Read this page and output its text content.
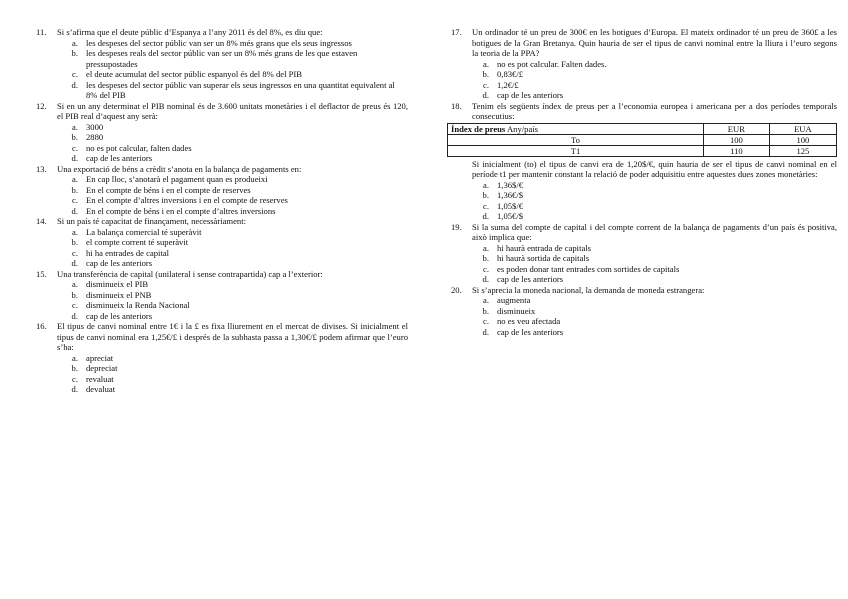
11.	Si s’afirma que el deute públic d’Espanya a l’any 2011 és del 8%, es diu que:
a. les despeses del sector públic van ser un 8% més grans que els seus ingressos
b. les despeses reals del sector públic van ser un 8% més grans de les que estaven pressupostades
c. el deute acumulat del sector públic espanyol és del 8% del PIB
d. les despeses del sector públic van superar els seus ingressos en una quantitat equivalent al 8% del PIB
12.	Si en un any determinat el PIB nominal és de 3.600 unitats monetàries i el deflactor de preus és 120, el PIB real d’aquest any serà:
a. 3000
b. 2880
c. no es pot calcular, falten dades
d. cap de les anteriors
13.	Una exportació de béns a crèdit s’anota en la balança de pagaments en:
a. En cap lloc, s’anotarà el pagament quan es produeixi
b. En el compte de béns i en el compte de reserves
c. En el compte d’altres inversions i en el compte de reserves
d. En el compte de béns i en el compte d’altres inversions
14.	Si un país té capacitat de finançament, necessàriament:
a. La balança comercial té superàvit
b. el compte corrent té superàvit
c. hi ha entrades de capital
d. cap de les anteriors
15.	Una transferència de capital (unilateral i sense contrapartida) cap a l’exterior:
a. disminueix el PIB
b. disminueix el PNB
c. disminueix la Renda Nacional
d. cap de les anteriors
16.	El tipus de canvi nominal entre 1€ i la £ es fixa lliurement en el mercat de divises. Si inicialment el tipus de canvi nominal era 1,25€/£ i després de la subhasta passa a 1,30€/£ podem afirmar que l’euro s’ha:
a. apreciat
b. depreciat
c. revaluat
d. devaluat
17.	Un ordinador té un preu de 300€ en les botigues d’Europa. El mateix ordinador té un preu de 360£ a les botigues de la Gran Bretanya. Quin hauria de ser el tipus de canvi nominal entre la lliura i l’euro segons la teoria de la PPA?
a. no es pot calcular. Falten dades.
b. 0,83€/£
c. 1,2€/£
d. cap de les anteriors
18.	Tenim els següents índex de preus per a l’economia europea i americana per a dos períodes temporals consecutius:
Índex de preus Any/país	EUR	EUA
To	100	100
T1	110	125
Si inicialment (to) el tipus de canvi era de 1,20$/€, quin hauria de ser el tipus de canvi nominal en el període t1 per mantenir constant la relació de poder adquisitiu entre aquestes dues zones monetàries:
a. 1,36$/€
b. 1,36€/$
c. 1,05$/€
d. 1,05€/$
19.	Si la suma del compte de capital i del compte corrent de la balança de pagaments d’un país és positiva, això implica que:
a. hi haurà entrada de capitals
b. hi haurà sortida de capitals
c. es poden donar tant entrades com sortides de capitals
d. cap de les anteriors
20.	Si s’aprecia la moneda nacional, la demanda de moneda estrangera:
a. augmenta
b. disminueix
c. no es veu afectada
d. cap de les anteriors
